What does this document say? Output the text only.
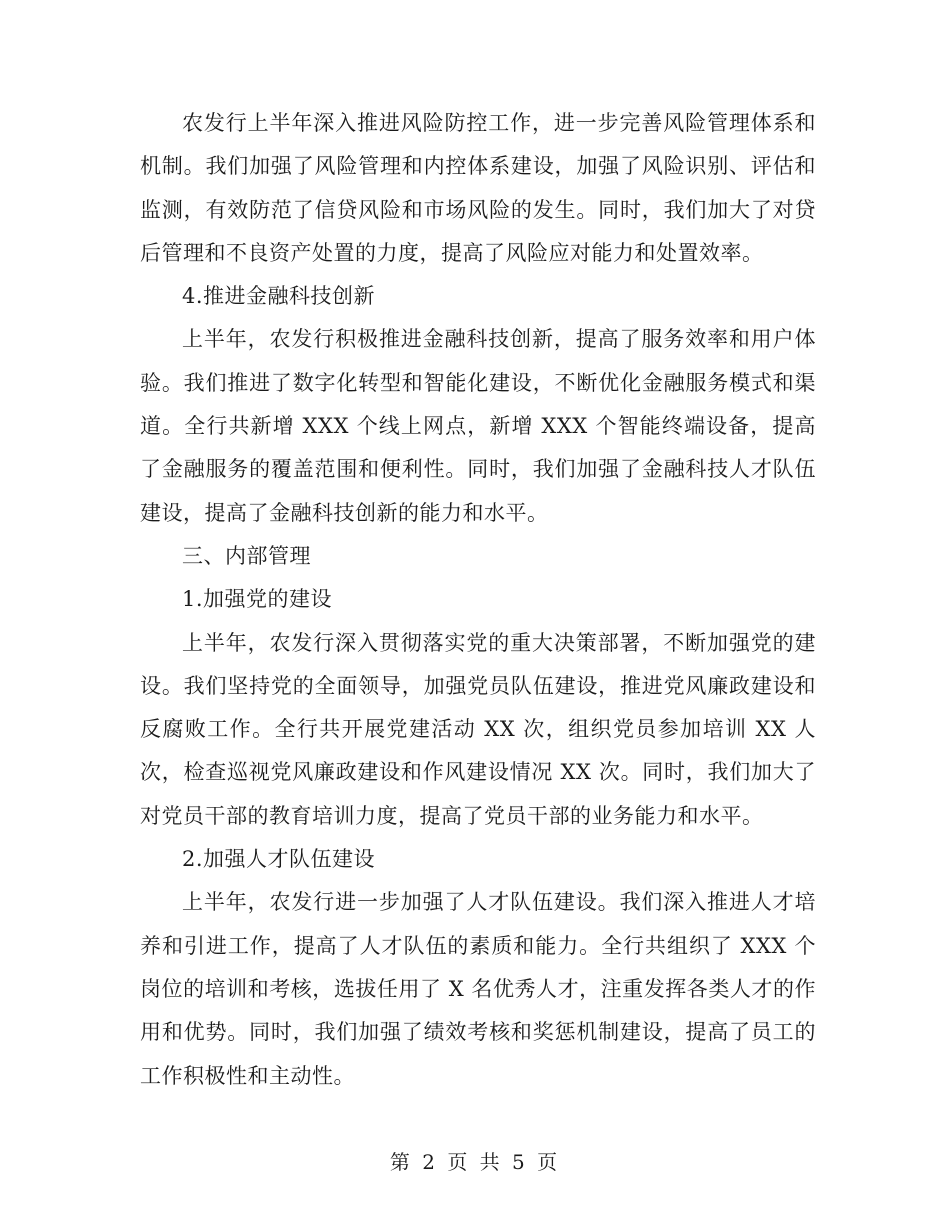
农发行上半年深入推进风险防控工作，进一步完善风险管理体系和机制。我们加强了风险管理和内控体系建设，加强了风险识别、评估和监测，有效防范了信贷风险和市场风险的发生。同时，我们加大了对贷后管理和不良资产处置的力度，提高了风险应对能力和处置效率。

4.推进金融科技创新

上半年，农发行积极推进金融科技创新，提高了服务效率和用户体验。我们推进了数字化转型和智能化建设，不断优化金融服务模式和渠道。全行共新增 XXX 个线上网点，新增 XXX 个智能终端设备，提高了金融服务的覆盖范围和便利性。同时，我们加强了金融科技人才队伍建设，提高了金融科技创新的能力和水平。

三、内部管理

1.加强党的建设

上半年，农发行深入贯彻落实党的重大决策部署，不断加强党的建设。我们坚持党的全面领导，加强党员队伍建设，推进党风廉政建设和反腐败工作。全行共开展党建活动 XX 次，组织党员参加培训 XX 人次，检查巡视党风廉政建设和作风建设情况 XX 次。同时，我们加大了对党员干部的教育培训力度，提高了党员干部的业务能力和水平。

2.加强人才队伍建设

上半年，农发行进一步加强了人才队伍建设。我们深入推进人才培养和引进工作，提高了人才队伍的素质和能力。全行共组织了 XXX 个岗位的培训和考核，选拔任用了 X 名优秀人才，注重发挥各类人才的作用和优势。同时，我们加强了绩效考核和奖惩机制建设，提高了员工的工作积极性和主动性。

第 2 页 共 5 页
